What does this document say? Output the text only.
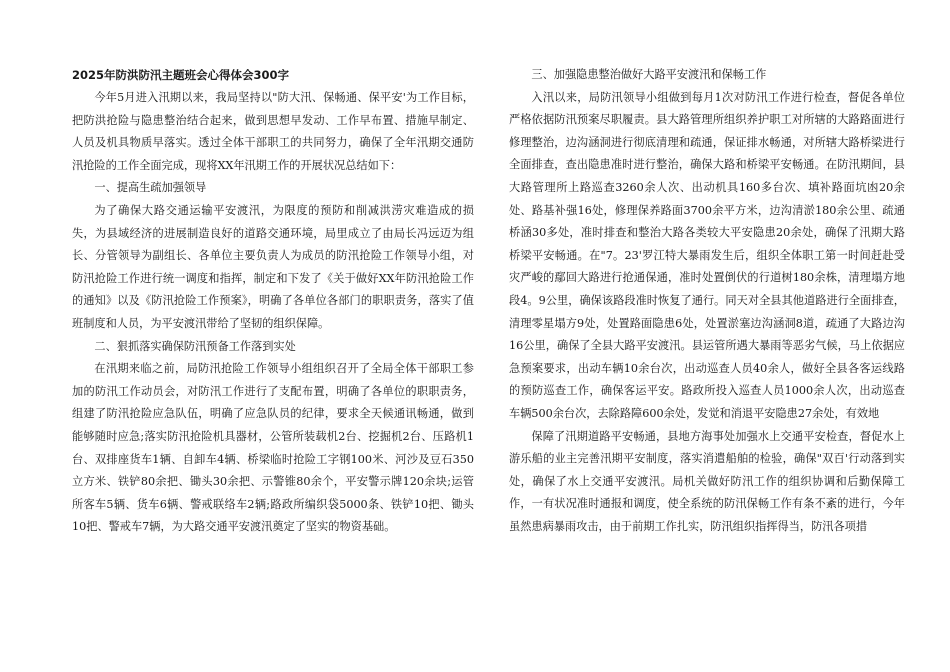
2025年防洪防汛主题班会心得体会300字

今年5月进入汛期以来，我局坚持以"防大汛、保畅通、保平安'为工作目标，把防洪抢险与隐患整治结合起来，做到思想早发动、工作早布置、措施早制定、人员及机具物质早落实。透过全体干部职工的共同努力，确保了全年汛期交通防汛抢险的工作全面完成，现将XX年汛期工作的开展状况总结如下：

一、提高生疏加强领导

为了确保大路交通运输平安渡汛，为限度的预防和削减洪涝灾难造成的损失，为县域经济的进展制造良好的道路交通环境，局里成立了由局长冯远迈为组长、分管领导为副组长、各单位主要负责人为成员的防汛抢险工作领导小组，对防汛抢险工作进行统一调度和指挥，制定和下发了《关于做好XX年防汛抢险工作的通知》以及《防汛抢险工作预案》，明确了各单位各部门的职职责务，落实了值班制度和人员，为平安渡汛带给了坚韧的组织保障。

二、狠抓落实确保防汛预备工作落到实处

在汛期来临之前，局防汛抢险工作领导小组组织召开了全局全体干部职工参加的防汛工作动员会，对防汛工作进行了支配布置，明确了各单位的职职责务，组建了防汛抢险应急队伍，明确了应急队员的纪律，要求全天候通讯畅通，做到能够随时应急;落实防汛抢险机具器材，公管所装载机2台、挖掘机2台、压路机1台、双排座货车1辆、自卸车4辆、桥梁临时抢险工字钢100米、河沙及豆石350立方米、铁铲80余把、锄头30余把、示警锥80余个，平安警示牌120余块;运管所客车5辆、货车6辆、警戒联络车2辆;路政所编织袋5000条、铁铲10把、锄头10把、警戒车7辆，为大路交通平安渡汛奠定了坚实的物资基础。

三、加强隐患整治做好大路平安渡汛和保畅工作

入汛以来，局防汛领导小组做到每月1次对防汛工作进行检查，督促各单位严格依据防汛预案尽职履责。县大路管理所组织养护职工对所辖的大路路面进行修理整治，边沟涵洞进行彻底清理和疏通，保证排水畅通，对所辖大路桥梁进行全面排查，查出隐患准时进行整治，确保大路和桥梁平安畅通。在防汛期间，县大路管理所上路巡查3260余人次、出动机具160多台次、填补路面坑凼20余处、路基补强16处，修理保养路面3700余平方米，边沟清淤180余公里、疏通桥涵30多处，准时排查和整治大路各类较大平安隐患20余处，确保了汛期大路桥梁平安畅通。在"7。23'罗江特大暴雨发生后，组织全体职工第一时间赶赴受灾严峻的鄢回大路进行抢通保通，准时处置倒伏的行道树180余株，清理塌方地段4。9公里，确保该路段准时恢复了通行。同天对全县其他道路进行全面排查，清理零星塌方9处，处置路面隐患6处，处置淤塞边沟涵洞8道，疏通了大路边沟16公里，确保了全县大路平安渡汛。县运管所遇大暴雨等恶劣气候，马上依据应急预案要求，出动车辆10余台次，出动巡查人员40余人，做好全县各客运线路的预防巡查工作，确保客运平安。路政所投入巡查人员1000余人次，出动巡查车辆500余台次，去除路障600余处，发觉和消退平安隐患27余处，有效地

保障了汛期道路平安畅通，县地方海事处加强水上交通平安检查，督促水上游乐船的业主完善汛期平安制度，落实消遣船舶的检验，确保"双百'行动落到实处，确保了水上交通平安渡汛。局机关做好防汛工作的组织协调和后勤保障工作，一有状况准时通报和调度，使全系统的防汛保畅工作有条不紊的进行，今年虽然患病暴雨攻击，由于前期工作扎实，防汛组织指挥得当，防汛各项措
